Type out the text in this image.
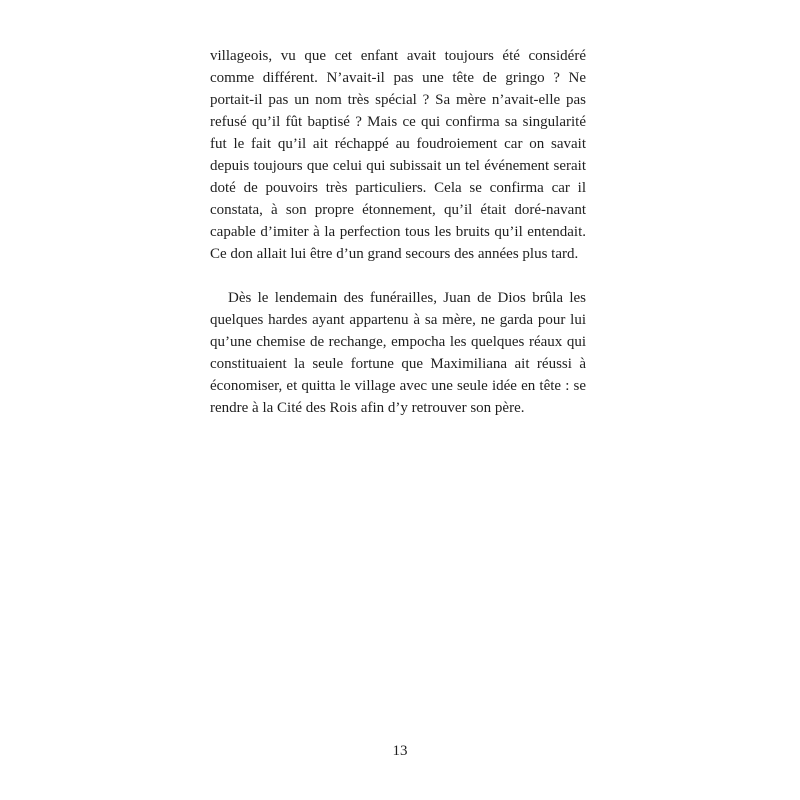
villageois, vu que cet enfant avait toujours été considéré comme différent. N’avait-il pas une tête de gringo ? Ne portait-il pas un nom très spécial ? Sa mère n’avait-elle pas refusé qu’il fût baptisé ? Mais ce qui confirma sa singularité fut le fait qu’il ait réchappé au foudroiement car on savait depuis toujours que celui qui subissait un tel événement serait doté de pouvoirs très particuliers. Cela se confirma car il constata, à son propre étonnement, qu’il était doré-navant capable d’imiter à la perfection tous les bruits qu’il entendait. Ce don allait lui être d’un grand secours des années plus tard.

Dès le lendemain des funérailles, Juan de Dios brûla les quelques hardes ayant appartenu à sa mère, ne garda pour lui qu’une chemise de rechange, empocha les quelques réaux qui constituaient la seule fortune que Maximiliana ait réussi à économiser, et quitta le village avec une seule idée en tête : se rendre à la Cité des Rois afin d’y retrouver son père.

13
